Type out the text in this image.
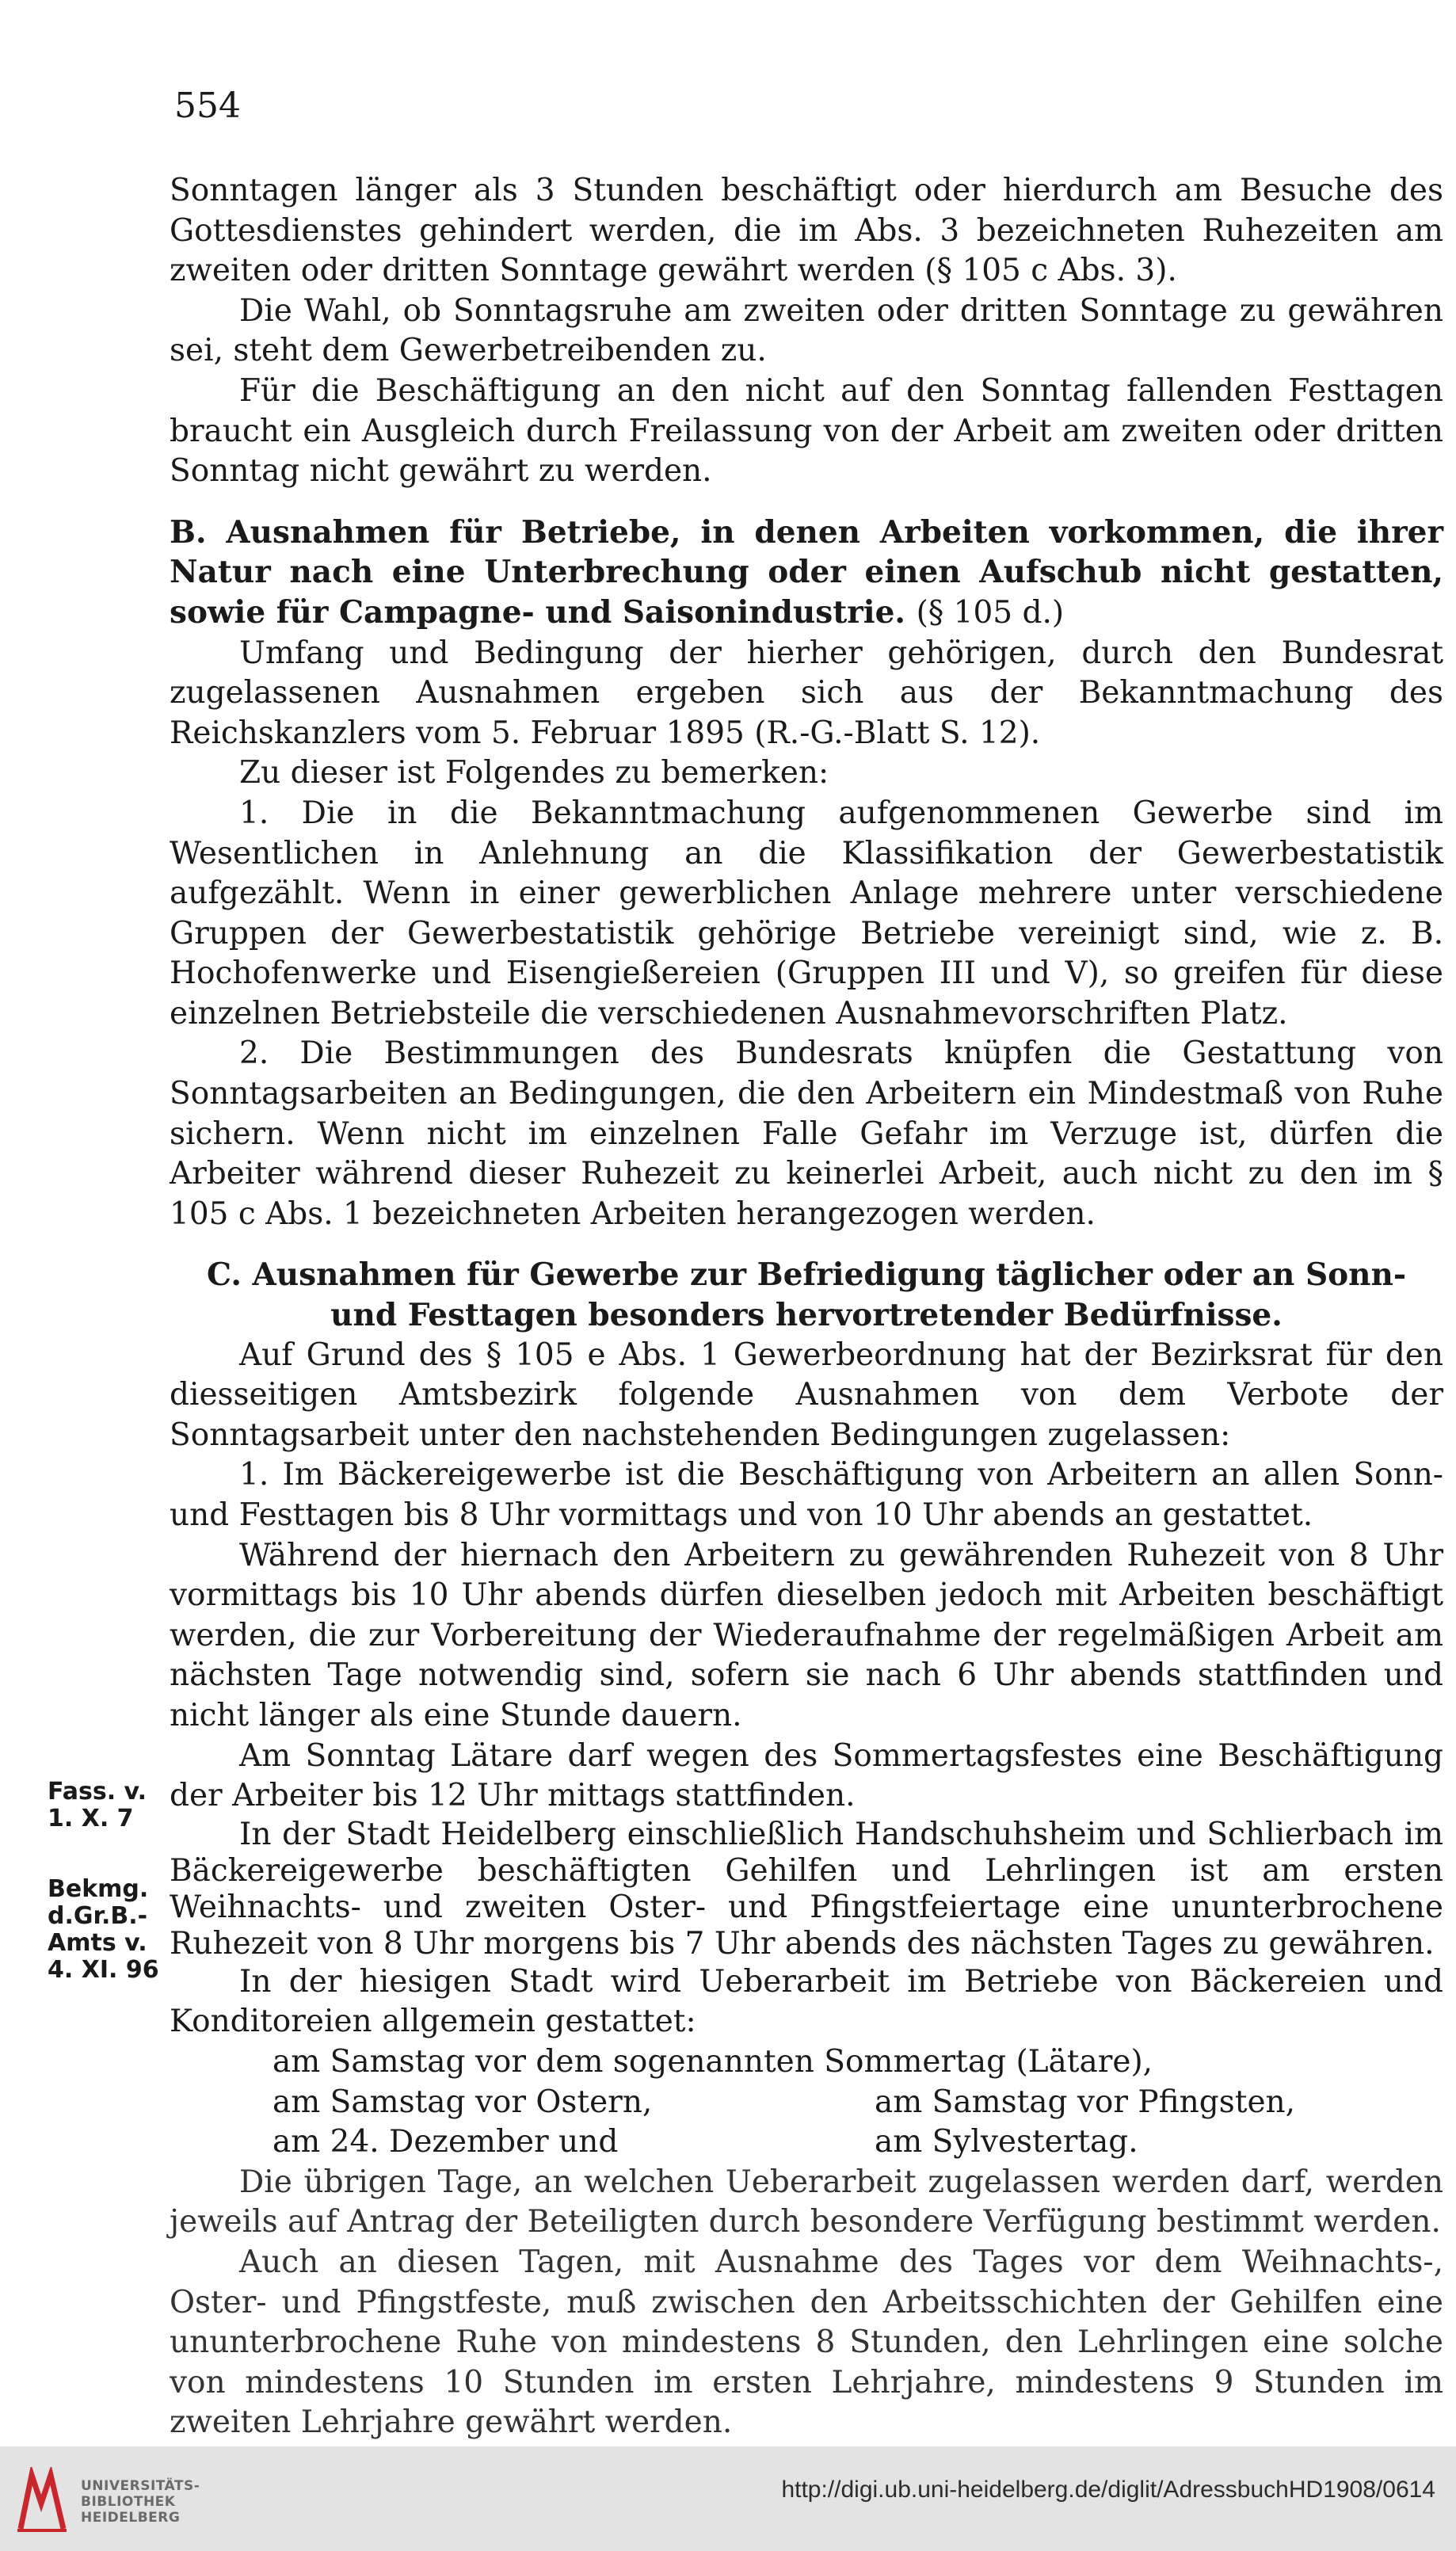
554

Sonntagen länger als 3 Stunden beschäftigt oder hierdurch am Besuche des Gottesdienstes gehindert werden, die im Abs. 3 bezeichneten Ruhezeiten am zweiten oder dritten Sonntage gewährt werden (§ 105 c Abs. 3).

Die Wahl, ob Sonntagsruhe am zweiten oder dritten Sonntage zu gewähren sei, steht dem Gewerbetreibenden zu.

Für die Beschäftigung an den nicht auf den Sonntag fallenden Festtagen braucht ein Ausgleich durch Freilassung von der Arbeit am zweiten oder dritten Sonntag nicht gewährt zu werden.

B. Ausnahmen für Betriebe, in denen Arbeiten vorkommen, die ihrer Natur nach eine Unterbrechung oder einen Aufschub nicht gestatten, sowie für Campagne- und Saisonindustrie. (§ 105 d.)

Umfang und Bedingung der hierher gehörigen, durch den Bundesrat zugelassenen Ausnahmen ergeben sich aus der Bekanntmachung des Reichskanzlers vom 5. Februar 1895 (R.-G.-Blatt S. 12).

Zu dieser ist Folgendes zu bemerken:

1. Die in die Bekanntmachung aufgenommenen Gewerbe sind im Wesentlichen in Anlehnung an die Klassifikation der Gewerbestatistik aufgezählt. Wenn in einer gewerblichen Anlage mehrere unter verschiedene Gruppen der Gewerbestatistik gehörige Betriebe vereinigt sind, wie z. B. Hochofenwerke und Eisengießereien (Gruppen III und V), so greifen für diese einzelnen Betriebsteile die verschiedenen Ausnahmevorschriften Platz.

2. Die Bestimmungen des Bundesrats knüpfen die Gestattung von Sonntagsarbeiten an Bedingungen, die den Arbeitern ein Mindestmaß von Ruhe sichern. Wenn nicht im einzelnen Falle Gefahr im Verzuge ist, dürfen die Arbeiter während dieser Ruhezeit zu keinerlei Arbeit, auch nicht zu den im § 105 c Abs. 1 bezeichneten Arbeiten herangezogen werden.

C. Ausnahmen für Gewerbe zur Befriedigung täglicher oder an Sonn- und Festtagen besonders hervortretender Bedürfnisse.

Auf Grund des § 105 e Abs. 1 Gewerbeordnung hat der Bezirksrat für den diesseitigen Amtsbezirk folgende Ausnahmen von dem Verbote der Sonntagsarbeit unter den nachstehenden Bedingungen zugelassen:

1. Im Bäckereigewerbe ist die Beschäftigung von Arbeitern an allen Sonn- und Festtagen bis 8 Uhr vormittags und von 10 Uhr abends an gestattet.

Während der hiernach den Arbeitern zu gewährenden Ruhezeit von 8 Uhr vormittags bis 10 Uhr abends dürfen dieselben jedoch mit Arbeiten beschäftigt werden, die zur Vorbereitung der Wiederaufnahme der regelmäßigen Arbeit am nächsten Tage notwendig sind, sofern sie nach 6 Uhr abends stattfinden und nicht länger als eine Stunde dauern.

Am Sonntag Lätare darf wegen des Sommertagsfestes eine Beschäftigung der Arbeiter bis 12 Uhr mittags stattfinden.

In der Stadt Heidelberg einschließlich Handschuhsheim und Schlierbach im Bäckereigewerbe beschäftigten Gehilfen und Lehrlingen ist am ersten Weihnachts- und zweiten Oster- und Pfingstfeiertage eine ununterbrochene Ruhezeit von 8 Uhr morgens bis 7 Uhr abends des nächsten Tages zu gewähren.

In der hiesigen Stadt wird Ueberarbeit im Betriebe von Bäckereien und Konditoreien allgemein gestattet:

am Samstag vor dem sogenannten Sommertag (Lätare),

am Samstag vor Ostern,	am Samstag vor Pfingsten,
am 24. Dezember und	am Sylvestertag.

Die übrigen Tage, an welchen Ueberarbeit zugelassen werden darf, werden jeweils auf Antrag der Beteiligten durch besondere Verfügung bestimmt werden.

Auch an diesen Tagen, mit Ausnahme des Tages vor dem Weihnachts-, Oster- und Pfingstfeste, muß zwischen den Arbeitsschichten der Gehilfen eine ununterbrochene Ruhe von mindestens 8 Stunden, den Lehrlingen eine solche von mindestens 10 Stunden im ersten Lehrjahre, mindestens 9 Stunden im zweiten Lehrjahre gewährt werden.

Fass. v.
1. X. 7
Bekmg.
d.Gr.B.-
Amts v.
4. XI. 96
UNIVERSITÄTS-
BIBLIOTHEK
HEIDELBERG
http://digi.ub.uni-heidelberg.de/diglit/AdressbuchHD1908/0614
